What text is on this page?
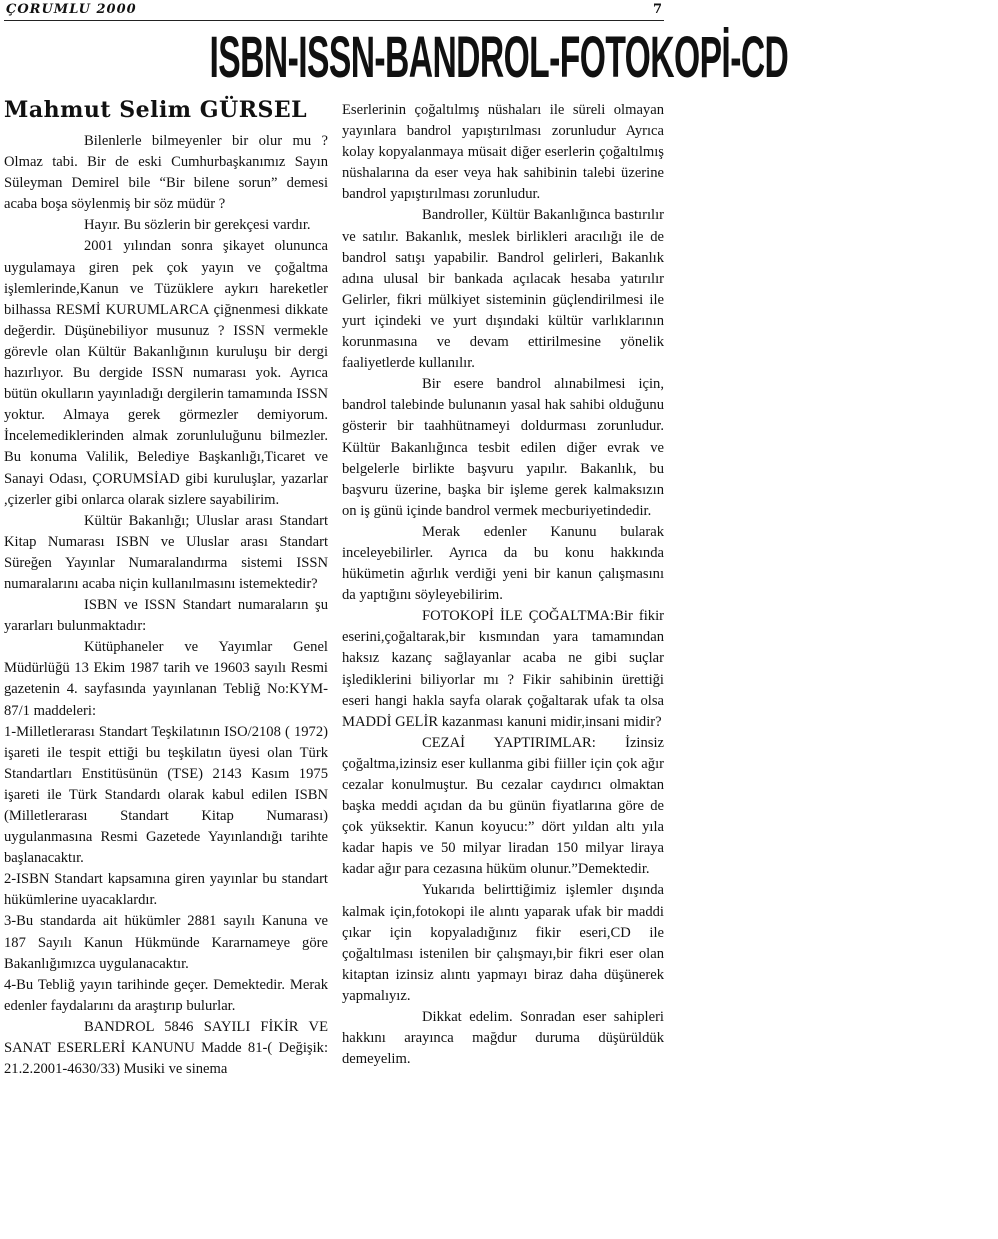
ÇORUMLU 2000	7
ISBN-ISSN-BANDROL-FOTOKOPİ-CD
Mahmut Selim GÜRSEL

Bilenlerle bilmeyenler bir olur mu ? Olmaz tabi. Bir de eski Cumhurbaşkanımız Sayın Süleyman Demirel bile “Bir bilene sorun” demesi acaba boşa söylenmiş bir söz müdür ?

Hayır. Bu sözlerin bir gerekçesi vardır.

2001 yılından sonra şikayet olununca uygulamaya giren pek çok yayın ve çoğaltma işlemlerinde,Kanun ve Tüzüklere aykırı hareketler bilhassa RESMİ KURUMLARCA çiğnenmesi dikkate değerdir. Düşünebiliyor musunuz ? ISSN vermekle görevle olan Kültür Bakanlığının kuruluşu bir dergi hazırlıyor. Bu dergide ISSN numarası yok. Ayrıca bütün okulların yayınladığı dergilerin tamamında ISSN yoktur. Almaya gerek görmezler demiyorum. İncelemediklerinden almak zorunluluğunu bilmezler. Bu konuma Valilik, Belediye Başkanlığı,Ticaret ve Sanayi Odası, ÇORUMSİAD gibi kuruluşlar, yazarlar ,çizerler gibi onlarca olarak sizlere sayabilirim.

Kültür Bakanlığı; Uluslar arası Standart Kitap Numarası ISBN ve Uluslar arası Standart Süreğen Yayınlar Numaralandırma sistemi ISSN numaralarını acaba niçin kullanılmasını istemektedir?

ISBN ve ISSN Standart numaraların şu yararları bulunmaktadır:

Kütüphaneler ve Yayımlar Genel Müdürlüğü 13 Ekim 1987 tarih ve 19603 sayılı Resmi gazetenin 4. sayfasında yayınlanan Tebliğ No:KYM-87/1 maddeleri:

1-Milletlerarası Standart Teşkilatının ISO/2108 ( 1972) işareti ile tespit ettiği bu teşkilatın üyesi olan Türk Standartları Enstitüsünün (TSE) 2143 Kasım 1975 işareti ile Türk Standardı olarak kabul edilen ISBN (Milletlerarası Standart Kitap Numarası) uygulanmasına Resmi Gazetede Yayınlandığı tarihte başlanacaktır.

2-ISBN Standart kapsamına giren yayınlar bu standart hükümlerine uyacaklardır.

3-Bu standarda ait hükümler 2881 sayılı Kanuna ve 187 Sayılı Kanun Hükmünde Kararnameye göre Bakanlığımızca uygulanacaktır.

4-Bu Tebliğ yayın tarihinde geçer. Demektedir. Merak edenler faydalarını da araştırıp bulurlar.

BANDROL 5846 SAYILI FİKİR VE SANAT ESERLERİ KANUNU Madde 81-( Değişik: 21.2.2001-4630/33) Musiki ve sinema

Eserlerinin çoğaltılmış nüshaları ile süreli olmayan yayınlara bandrol yapıştırılması zorunludur Ayrıca kolay kopyalanmaya müsait diğer eserlerin çoğaltılmış nüshalarına da eser veya hak sahibinin talebi üzerine bandrol yapıştırılması zorunludur.

Bandroller, Kültür Bakanlığınca bastırılır ve satılır. Bakanlık, meslek birlikleri aracılığı ile de bandrol satışı yapabilir. Bandrol gelirleri, Bakanlık adına ulusal bir bankada açılacak hesaba yatırılır Gelirler, fikri mülkiyet sisteminin güçlendirilmesi ile yurt içindeki ve yurt dışındaki kültür varlıklarının korunmasına ve devam ettirilmesine yönelik faaliyetlerde kullanılır.

Bir esere bandrol alınabilmesi için, bandrol talebinde bulunanın yasal hak sahibi olduğunu gösterir bir taahhütnameyi doldurması zorunludur. Kültür Bakanlığınca tesbit edilen diğer evrak ve belgelerle birlikte başvuru yapılır. Bakanlık, bu başvuru üzerine, başka bir işleme gerek kalmaksızın on iş günü içinde bandrol vermek mecburiyetindedir.

Merak edenler Kanunu bularak inceleyebilirler. Ayrıca da bu konu hakkında hükümetin ağırlık verdiği yeni bir kanun çalışmasını da yaptığını söyleyebilirim.

FOTOKOPİ İLE ÇOĞALTMA:Bir fikir eserini,çoğaltarak,bir kısmından yara tamamından haksız kazanç sağlayanlar acaba ne gibi suçlar işlediklerini biliyorlar mı ? Fikir sahibinin ürettiği eseri hangi hakla sayfa olarak çoğaltarak ufak ta olsa MADDİ GELİR kazanması kanuni midir,insani midir?

CEZAİ YAPTIRIMLAR: İzinsiz çoğaltma,izinsiz eser kullanma gibi fiiller için çok ağır cezalar konulmuştur. Bu cezalar caydırıcı olmaktan başka meddi açıdan da bu günün fiyatlarına göre de çok yüksektir. Kanun koyucu:” dört yıldan altı yıla kadar hapis ve 50 milyar liradan 150 milyar liraya kadar ağır para cezasına hüküm olunur.”Demektedir.

Yukarıda belirttiğimiz işlemler dışında kalmak için,fotokopi ile alıntı yaparak ufak bir maddi çıkar için kopyaladığınız fikir eseri,CD ile çoğaltılması istenilen bir çalışmayı,bir fikri eser olan kitaptan izinsiz alıntı yapmayı biraz daha düşünerek yapmalıyız.

Dikkat edelim. Sonradan eser sahipleri hakkını arayınca mağdur duruma düşürüldük demeyelim.
